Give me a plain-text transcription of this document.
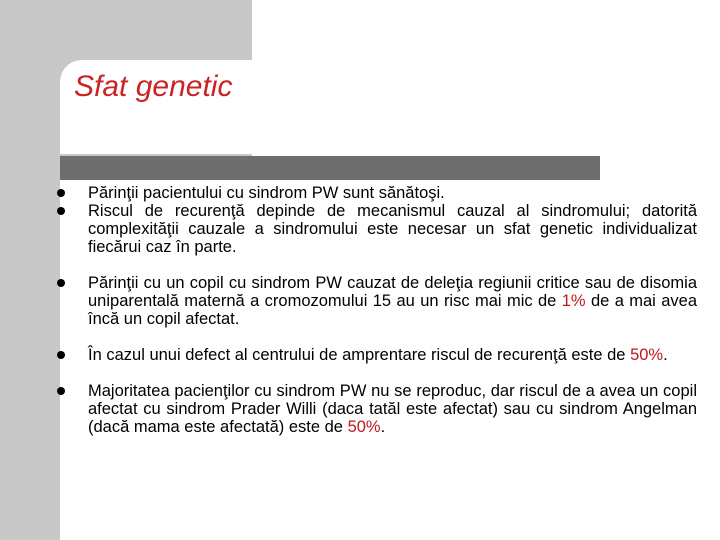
Sfat genetic
Părinţii pacientului cu sindrom PW sunt sănătoşi.
Riscul de recurenţă depinde de mecanismul cauzal al sindromului; datorită complexităţii cauzale a sindromului este necesar un sfat genetic individualizat fiecărui caz în parte.
Părinţii cu un copil cu sindrom PW cauzat de deleţia regiunii critice sau de disomia uniparentală maternă a cromozomului 15 au un risc mai mic de 1% de a mai avea încă un copil afectat.
În cazul unui defect al centrului de amprentare riscul de recurenţă este de 50%.
Majoritatea pacienţilor cu sindrom PW nu se reproduc, dar riscul de a avea un copil afectat cu sindrom Prader Willi (daca tatăl este afectat) sau cu sindrom Angelman (dacă mama este afectată) este de 50%.
